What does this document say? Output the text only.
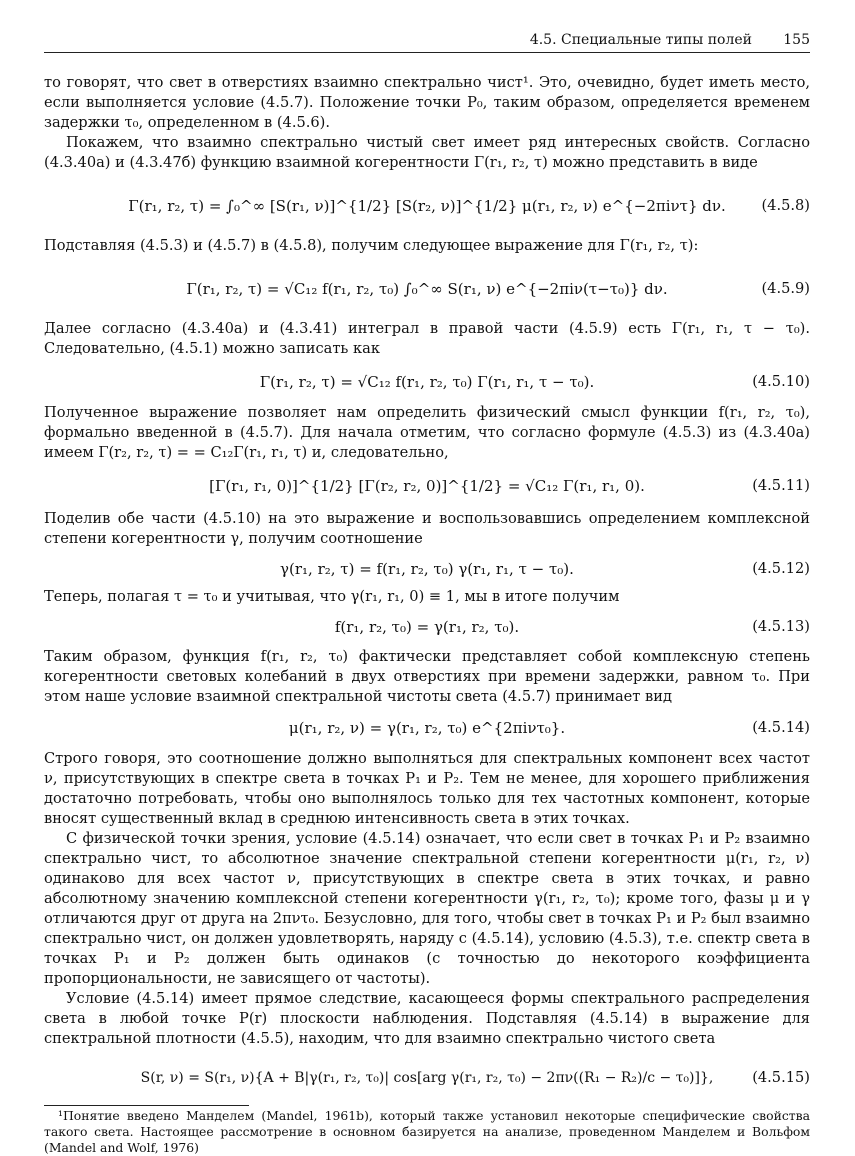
4.5. Специальные типы полей 155

то говорят, что свет в отверстиях взаимно спектрально чист¹. Это, очевидно, будет иметь место, если выполняется условие (4.5.7). Положение точки P₀, таким образом, определяется временем задержки τ₀, определенном в (4.5.6).

Покажем, что взаимно спектрально чистый свет имеет ряд интересных свойств. Согласно (4.3.40а) и (4.3.47б) функцию взаимной когерентности Γ(r₁, r₂, τ) можно представить в виде

Γ(r₁, r₂, τ) = ∫₀^∞ [S(r₁, ν)]^{1/2} [S(r₂, ν)]^{1/2} μ(r₁, r₂, ν) e^{−2πiντ} dν. (4.5.8)

Подставляя (4.5.3) и (4.5.7) в (4.5.8), получим следующее выражение для Γ(r₁, r₂, τ):

Γ(r₁, r₂, τ) = √C₁₂ f(r₁, r₂, τ₀) ∫₀^∞ S(r₁, ν) e^{−2πiν(τ−τ₀)} dν.	(4.5.9)

Далее согласно (4.3.40а) и (4.3.41) интеграл в правой части (4.5.9) есть Γ(r₁, r₁, τ − τ₀). Следовательно, (4.5.1) можно записать как

Γ(r₁, r₂, τ) = √C₁₂ f(r₁, r₂, τ₀) Γ(r₁, r₁, τ − τ₀).	(4.5.10)

Полученное выражение позволяет нам определить физический смысл функции f(r₁, r₂, τ₀), формально введенной в (4.5.7). Для начала отметим, что согласно формуле (4.5.3) из (4.3.40а) имеем Γ(r₂, r₂, τ) = = C₁₂Γ(r₁, r₁, τ) и, следовательно,

[Γ(r₁, r₁, 0)]^{1/2} [Γ(r₂, r₂, 0)]^{1/2} = √C₁₂ Γ(r₁, r₁, 0).	(4.5.11)

Поделив обе части (4.5.10) на это выражение и воспользовавшись определением комплексной степени когерентности γ, получим соотношение

γ(r₁, r₂, τ) = f(r₁, r₂, τ₀) γ(r₁, r₁, τ − τ₀).	(4.5.12)

Теперь, полагая τ = τ₀ и учитывая, что γ(r₁, r₁, 0) ≡ 1, мы в итоге получим

f(r₁, r₂, τ₀) = γ(r₁, r₂, τ₀).	(4.5.13)

Таким образом, функция f(r₁, r₂, τ₀) фактически представляет собой комплексную степень когерентности световых колебаний в двух отверстиях при времени задержки, равном τ₀. При этом наше условие взаимной спектральной чистоты света (4.5.7) принимает вид

μ(r₁, r₂, ν) = γ(r₁, r₂, τ₀) e^{2πiντ₀}.	(4.5.14)

Строго говоря, это соотношение должно выполняться для спектральных компонент всех частот ν, присутствующих в спектре света в точках P₁ и P₂. Тем не менее, для хорошего приближения достаточно потребовать, чтобы оно выполнялось только для тех частотных компонент, которые вносят существенный вклад в среднюю интенсивность света в этих точках.

С физической точки зрения, условие (4.5.14) означает, что если свет в точках P₁ и P₂ взаимно спектрально чист, то абсолютное значение спектральной степени когерентности μ(r₁, r₂, ν) одинаково для всех частот ν, присутствующих в спектре света в этих точках, и равно абсолютному значению комплексной степени когерентности γ(r₁, r₂, τ₀); кроме того, фазы μ и γ отличаются друг от друга на 2πντ₀. Безусловно, для того, чтобы свет в точках P₁ и P₂ был взаимно спектрально чист, он должен удовлетворять, наряду с (4.5.14), условию (4.5.3), т.е. спектр света в точках P₁ и P₂ должен быть одинаков (с точностью до некоторого коэффициента пропорциональности, не зависящего от частоты).

Условие (4.5.14) имеет прямое следствие, касающееся формы спектрального распределения света в любой точке P(r) плоскости наблюдения. Подставляя (4.5.14) в выражение для спектральной плотности (4.5.5), находим, что для взаимно спектрально чистого света

S(r, ν) = S(r₁, ν){A + B|γ(r₁, r₂, τ₀)| cos[arg γ(r₁, r₂, τ₀) − 2πν((R₁ − R₂)/c − τ₀)]},	(4.5.15)

¹Понятие введено Манделем (Mandel, 1961b), который также установил некоторые специфические свойства такого света. Настоящее рассмотрение в основном базируется на анализе, проведенном Манделем и Вольфом (Mandel and Wolf, 1976)
